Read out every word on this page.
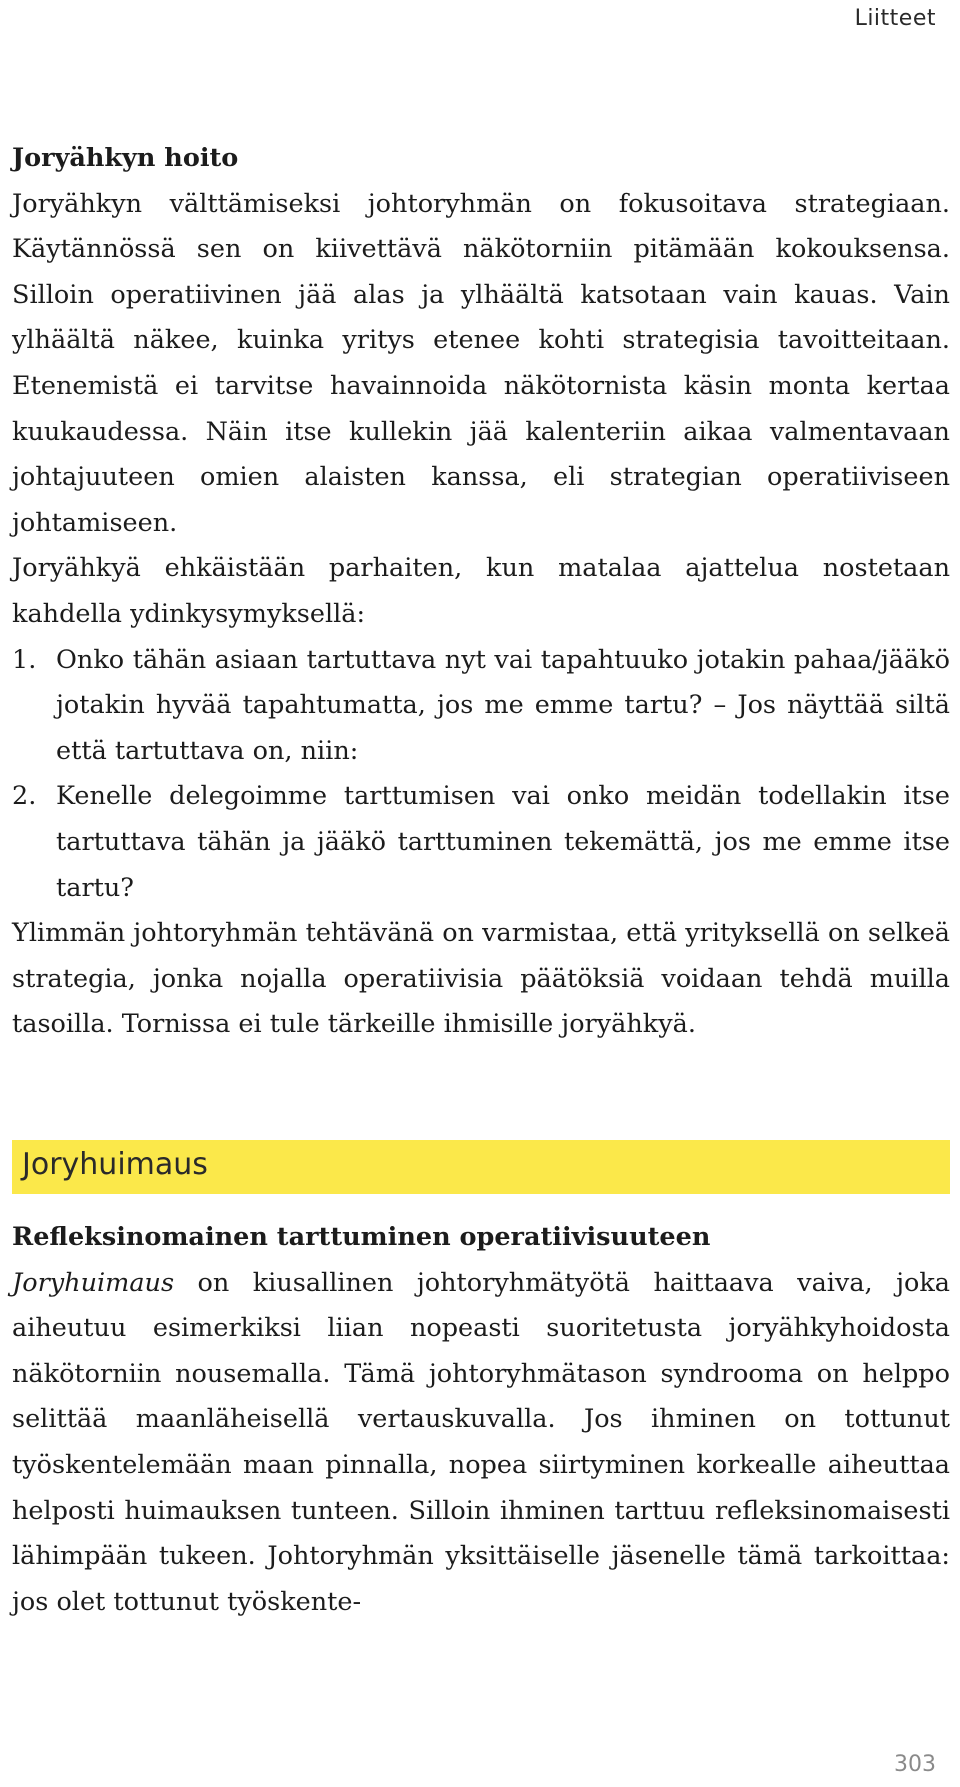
Liitteet

Joryähkyn hoito

Joryähkyn välttämiseksi johtoryhmän on fokusoitava strategiaan. Käytännössä sen on kiivettävä näkötorniin pitämään kokouksensa. Silloin operatiivinen jää alas ja ylhäältä katsotaan vain kauas. Vain ylhäältä näkee, kuinka yritys etenee kohti strategisia tavoitteitaan. Etenemistä ei tarvitse havainnoida näkötornista käsin monta kertaa kuukaudessa. Näin itse kullekin jää kalenteriin aikaa valmentavaan johtajuuteen omien alaisten kanssa, eli strategian operatiiviseen johtamiseen.

Joryähkyä ehkäistään parhaiten, kun matalaa ajattelua nostetaan kahdella ydinkysymyksellä:

1. Onko tähän asiaan tartuttava nyt vai tapahtuuko jotakin pahaa/jääkö jotakin hyvää tapahtumatta, jos me emme tartu? – Jos näyttää siltä että tartuttava on, niin:
2. Kenelle delegoimme tarttumisen vai onko meidän todellakin itse tartuttava tähän ja jääkö tarttuminen tekemättä, jos me emme itse tartu?

Ylimmän johtoryhmän tehtävänä on varmistaa, että yrityksellä on selkeä strategia, jonka nojalla operatiivisia päätöksiä voidaan tehdä muilla tasoilla. Tornissa ei tule tärkeille ihmisille joryähkyä.

Joryhuimaus

Refleksinomainen tarttuminen operatiivisuuteen

Joryhuimaus on kiusallinen johtoryhmätyötä haittaava vaiva, joka aiheutuu esimerkiksi liian nopeasti suoritetusta joryähkyhoidosta näkötorniin nousemalla. Tämä johtoryhmätason syndrooma on helppo selittää maanläheisellä vertauskuvalla. Jos ihminen on tottunut työskentelemään maan pinnalla, nopea siirtyminen korkealle aiheuttaa helposti huimauksen tunteen. Silloin ihminen tarttuu refleksinomaisesti lähimpään tukeen. Johtoryhmän yksittäiselle jäsenelle tämä tarkoittaa: jos olet tottunut työskente-

303
